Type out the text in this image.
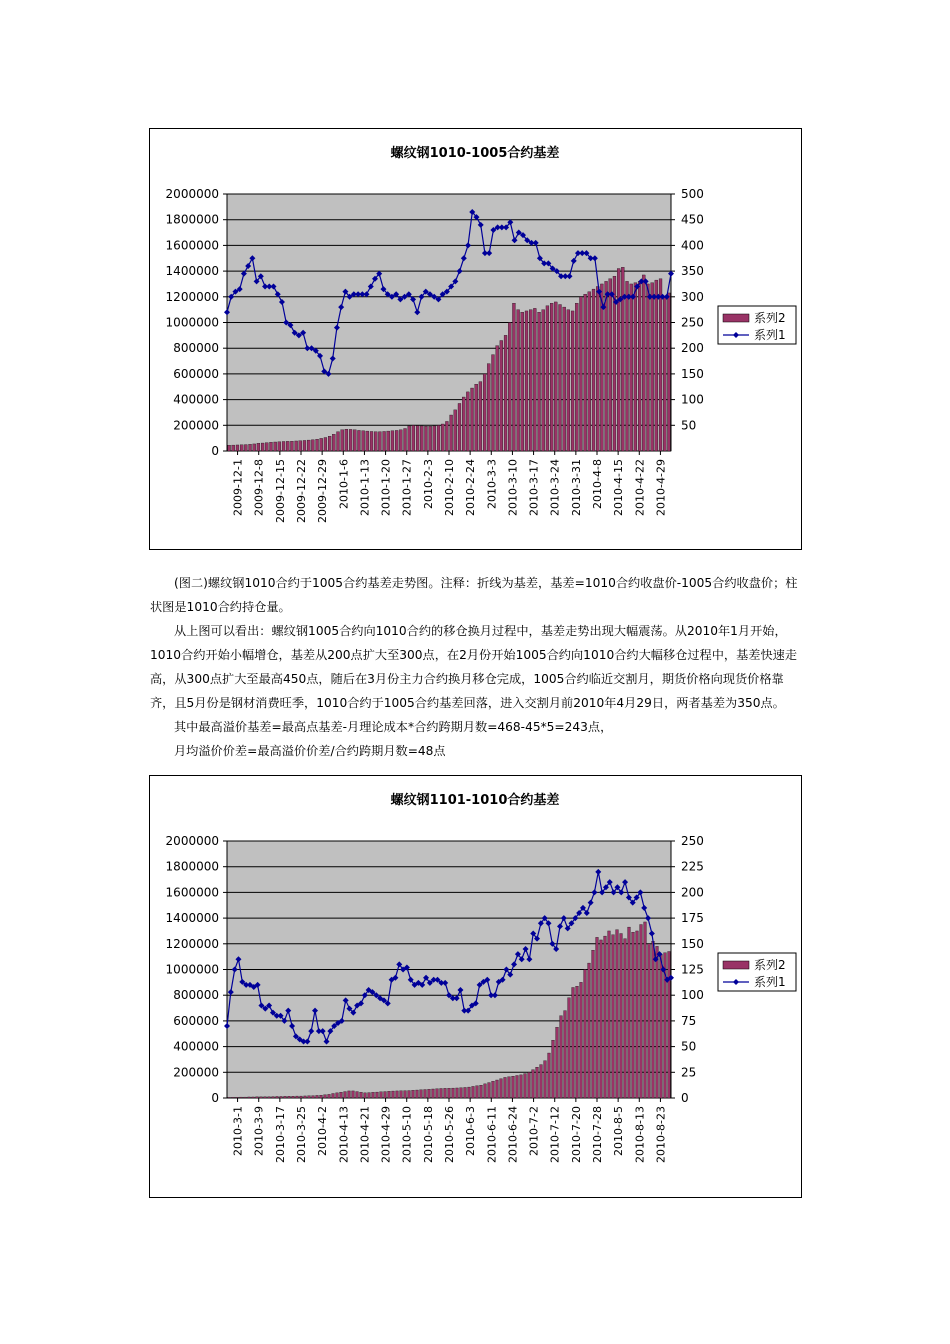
螺纹钢1010-1005合约基差
0
200000
400000
600000
800000
1000000
1200000
1400000
1600000
1800000
2000000
50
100
150
200
250
300
350
400
450
500
2009-12-1 2009-12-8 2009-12-15 2009-12-22 2009-12-29 2010-1-6 2010-1-13 2010-1-20 2010-1-27 2010-2-3 2010-2-10 2010-2-24 2010-3-3 2010-3-10 2010-3-17 2010-3-24 2010-3-31 2010-4-8 2010-4-15 2010-4-22 2010-4-29
系列2
系列1

(图二)螺纹钢1010合约于1005合约基差走势图。注释：折线为基差，基差=1010合约收盘价-1005合约收盘价；柱状图是1010合约持仓量。

从上图可以看出：螺纹钢1005合约向1010合约的移仓换月过程中，基差走势出现大幅震荡。从2010年1月开始，1010合约开始小幅增仓，基差从200点扩大至300点，在2月份开始1005合约向1010合约大幅移仓过程中，基差快速走高，从300点扩大至最高450点，随后在3月份主力合约换月移仓完成，1005合约临近交割月，期货价格向现货价格靠齐，且5月份是钢材消费旺季，1010合约于1005合约基差回落，进入交割月前2010年4月29日，两者基差为350点。

其中最高溢价基差=最高点基差-月理论成本*合约跨期月数=468-45*5=243点，

月均溢价价差=最高溢价价差/合约跨期月数=48点

螺纹钢1101-1010合约基差
0
200000
400000
600000
800000
1000000
1200000
1400000
1600000
1800000
2000000
0
25
50
75
100
125
150
175
200
225
250
2010-3-1 2010-3-9 2010-3-17 2010-3-25 2010-4-2 2010-4-13 2010-4-21 2010-4-29 2010-5-10 2010-5-18 2010-5-26 2010-6-3 2010-6-11 2010-6-24 2010-7-2 2010-7-12 2010-7-20 2010-7-28 2010-8-5 2010-8-13 2010-8-23
系列2
系列1
